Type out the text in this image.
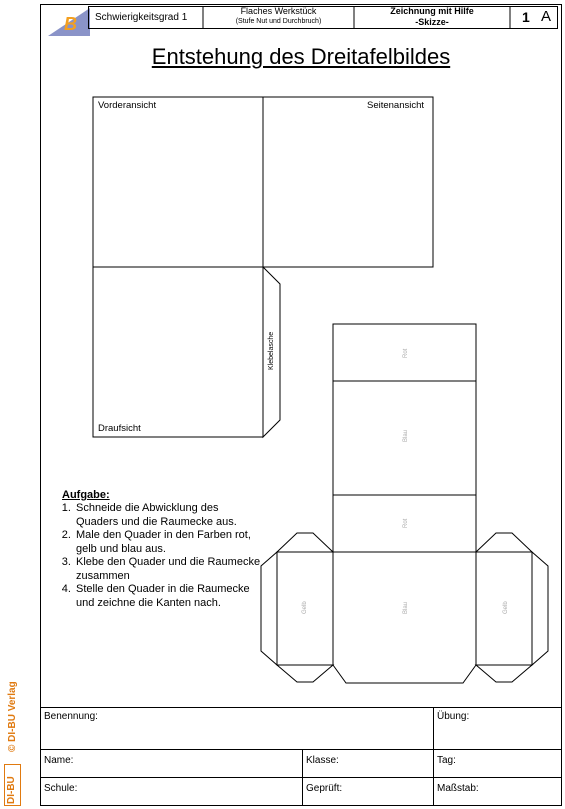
B Schwierigkeitsgrad 1
Flaches Werkstück
(Stufe Nut und Durchbruch)
Zeichnung mit Hilfe
-Skizze-	1 A
Entstehung des Dreitafelbildes
Vorderansicht	Seitenansicht
Draufsicht
Klebelasche	Rot
Blau
Rot
Gelb	Blau	Gelb
Aufgabe:
1. Schneide die Abwicklung des Quaders und die Raumecke aus.
2. Male den Quader in den Farben rot, gelb und blau aus.
3. Klebe den Quader und die Raumecke zusammen
4. Stelle den Quader in die Raumecke und zeichne die Kanten nach.
Benennung:	Übung:
Name:	Klasse:	Tag:
Schule:	Geprüft:	Maßstab:
DI-BU
© DI-BU Verlag
